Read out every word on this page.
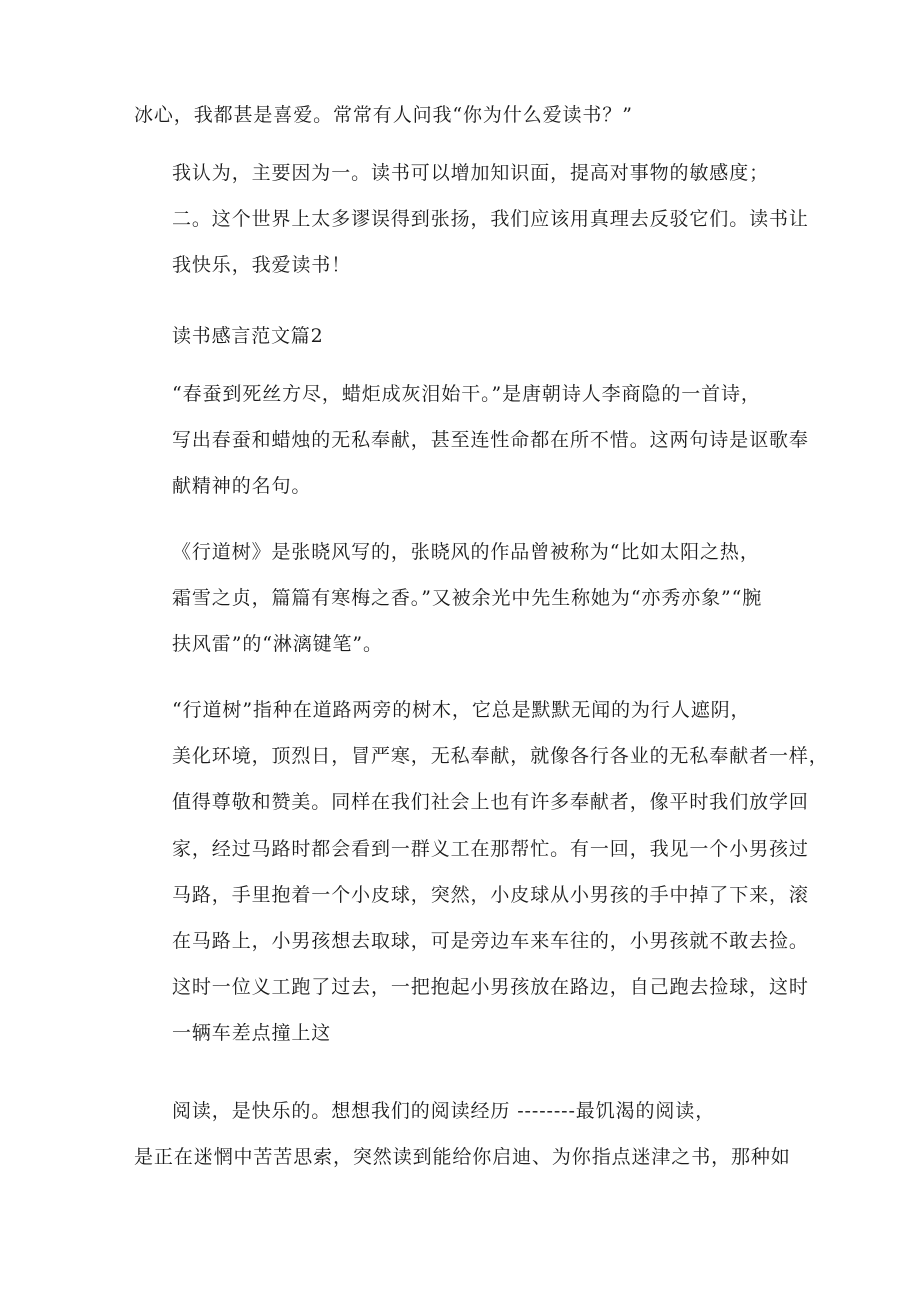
冰心，我都甚是喜爱。常常有人问我“你为什么爱读书？”
我认为，主要因为一。读书可以增加知识面，提高对事物的敏感度；
二。这个世界上太多谬误得到张扬，我们应该用真理去反驳它们。读书让
我快乐，我爱读书！
读书感言范文篇2
“春蚕到死丝方尽，蜡炬成灰泪始干。”是唐朝诗人李商隐的一首诗，
写出春蚕和蜡烛的无私奉献，甚至连性命都在所不惜。这两句诗是讴歌奉
献精神的名句。
《行道树》是张晓风写的，张晓风的作品曾被称为“比如太阳之热，
霜雪之贞，篇篇有寒梅之香。”又被余光中先生称她为“亦秀亦象”“腕
扶风雷”的“淋漓键笔”。
“行道树”指种在道路两旁的树木，它总是默默无闻的为行人遮阴，
美化环境，顶烈日，冒严寒，无私奉献，就像各行各业的无私奉献者一样，
值得尊敬和赞美。同样在我们社会上也有许多奉献者，像平时我们放学回
家，经过马路时都会看到一群义工在那帮忙。有一回，我见一个小男孩过
马路，手里抱着一个小皮球，突然，小皮球从小男孩的手中掉了下来，滚
在马路上，小男孩想去取球，可是旁边车来车往的，小男孩就不敢去捡。
这时一位义工跑了过去，一把抱起小男孩放在路边，自己跑去捡球，这时
一辆车差点撞上这
阅读，是快乐的。想想我们的阅读经历 --------最饥渴的阅读，
是正在迷惘中苦苦思索，突然读到能给你启迪、为你指点迷津之书，那种如
